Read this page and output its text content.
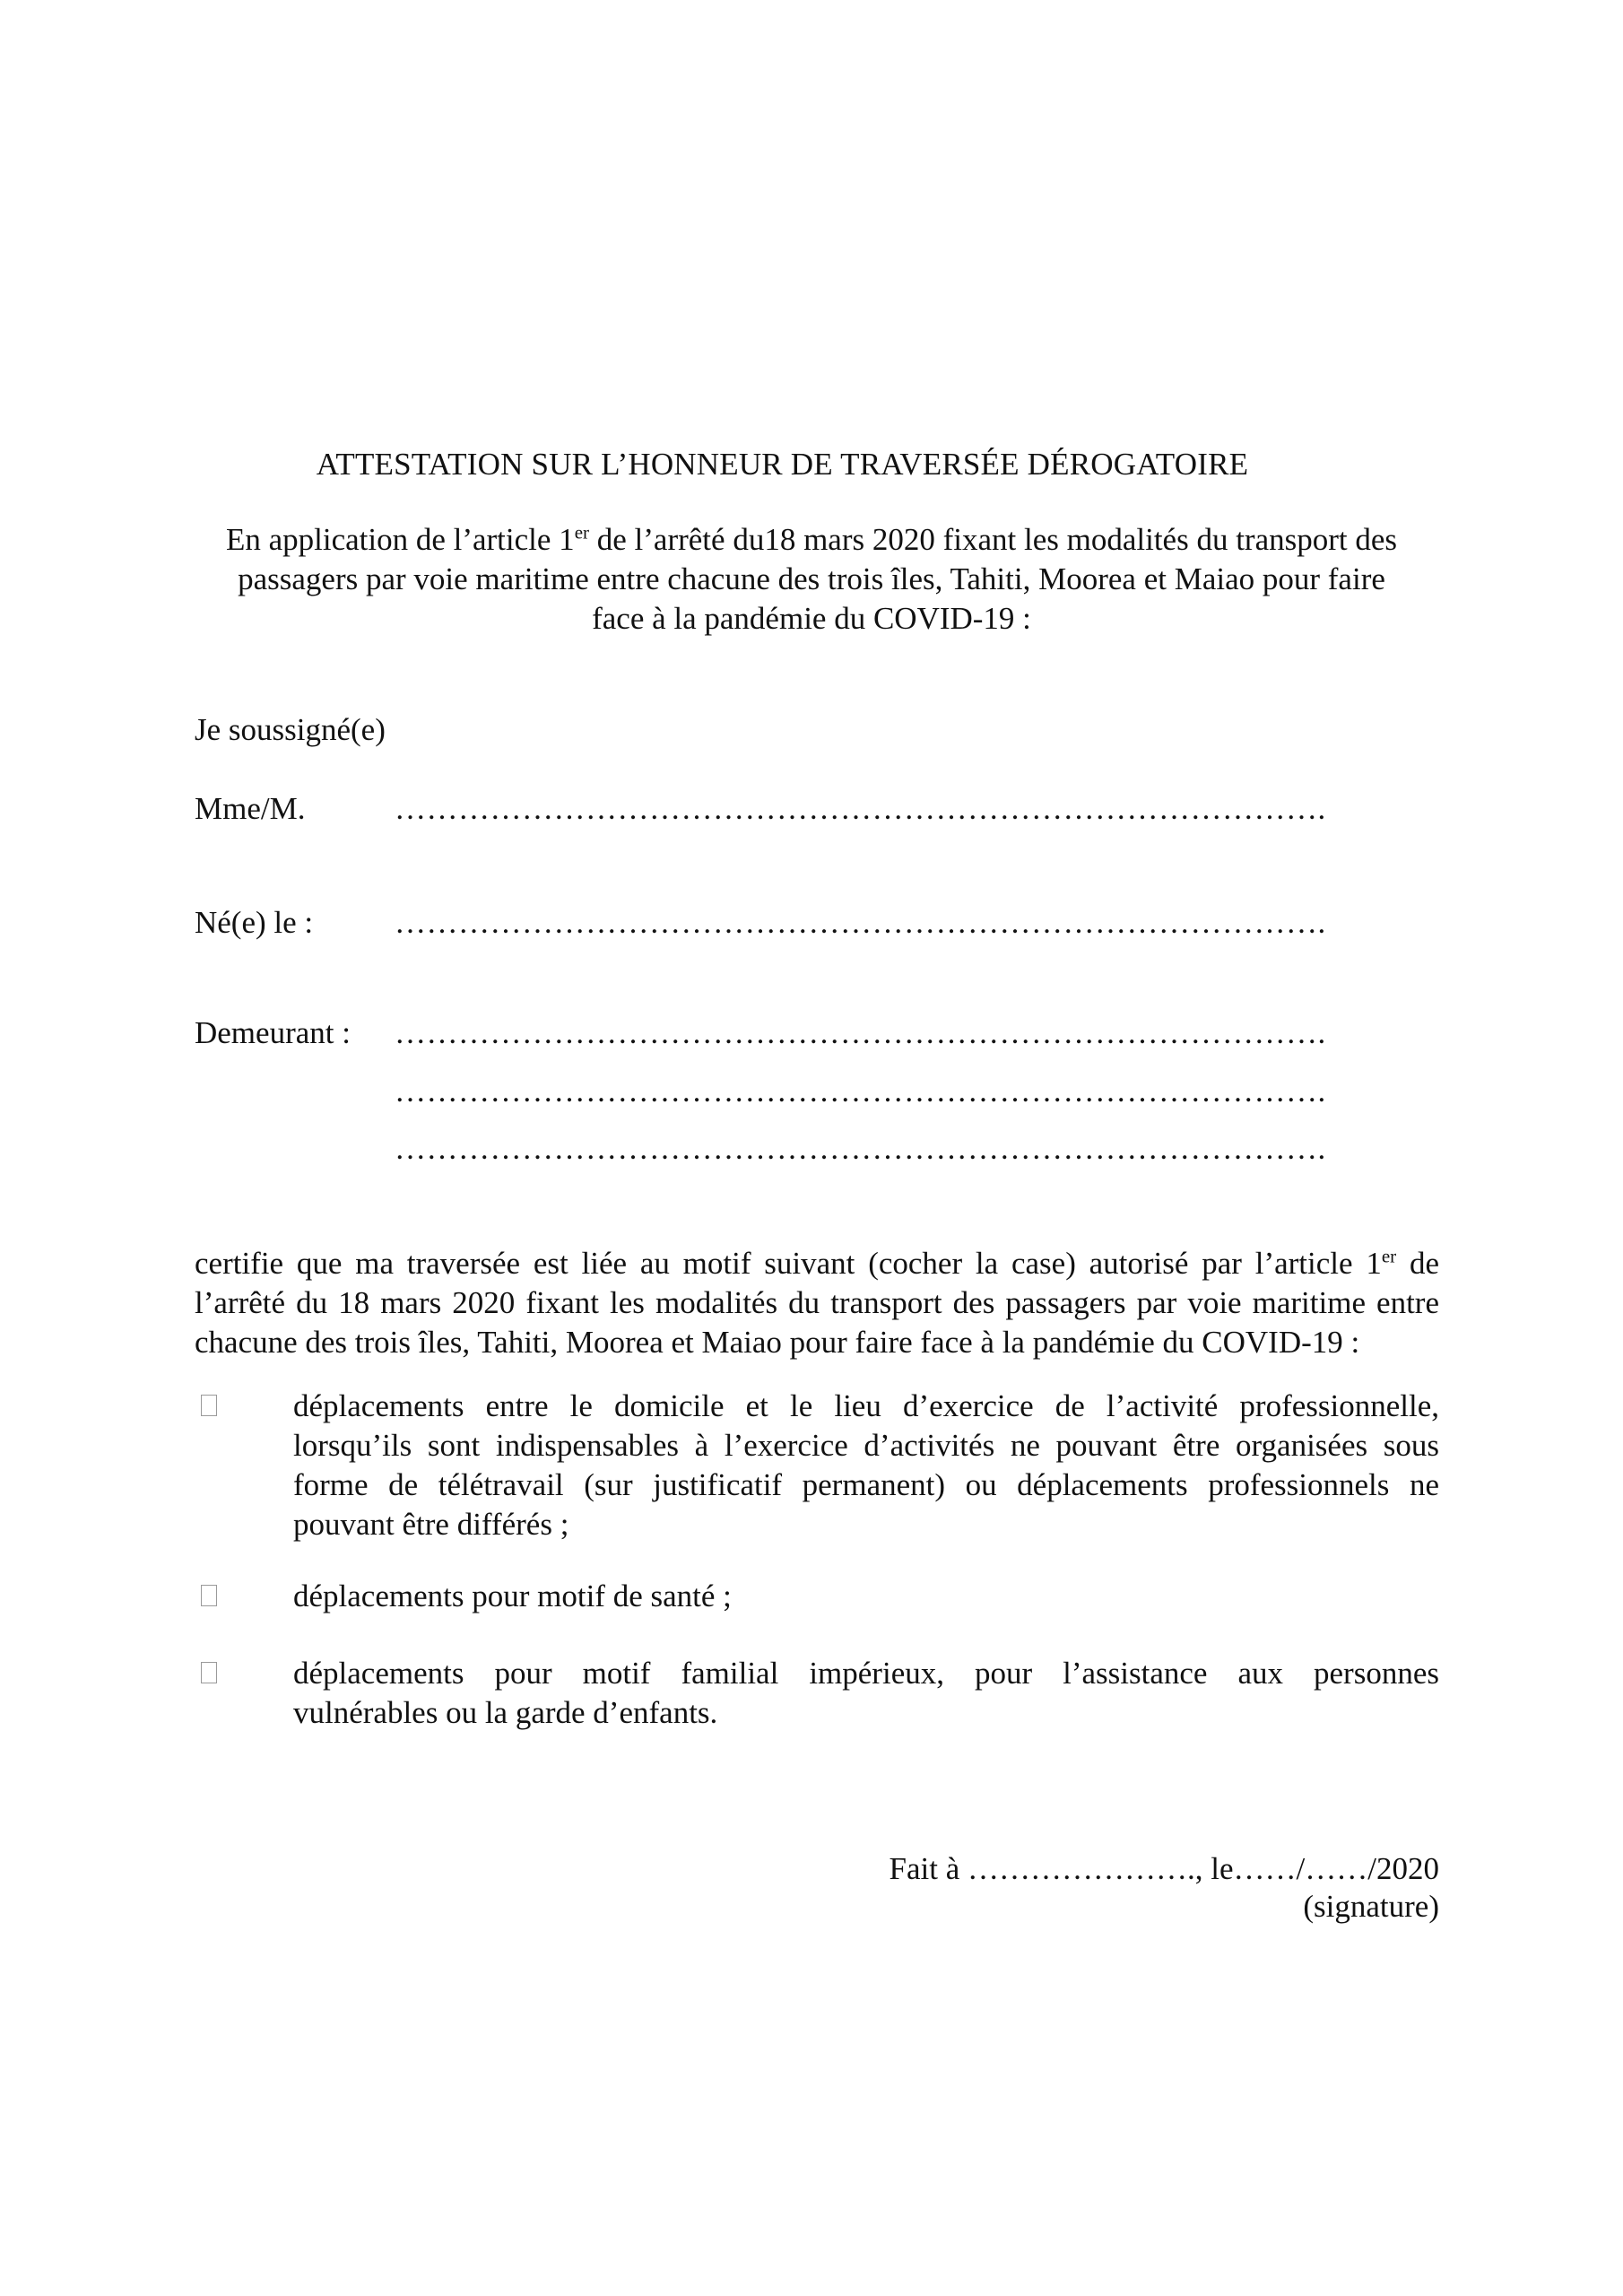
ATTESTATION SUR L’HONNEUR DE TRAVERSÉE DÉROGATOIRE
En application de l’article 1er de l’arrêté du18 mars 2020 fixant les modalités du transport des
passagers par voie maritime entre chacune des trois îles, Tahiti, Moorea et Maiao pour faire
face à la pandémie du COVID-19 :
Je soussigné(e)
Mme/M.	…………………………………………………………………………….
Né(e) le :	…………………………………………………………………………….
Demeurant : …………………………………………………………………………….
…………………………………………………………………………….
…………………………………………………………………………….
certifie que ma traversée est liée au motif suivant (cocher la case) autorisé par l’article 1er de
l’arrêté du 18 mars 2020 fixant les modalités du transport des passagers par voie maritime entre
chacune des trois îles, Tahiti, Moorea et Maiao pour faire face à la pandémie du COVID-19 :
déplacements entre le domicile et le lieu d’exercice de l’activité professionnelle,
lorsqu’ils sont indispensables à l’exercice d’activités ne pouvant être organisées sous
forme de télétravail (sur justificatif permanent) ou déplacements professionnels ne
pouvant être différés ;
déplacements pour motif de santé ;
déplacements pour motif familial impérieux, pour l’assistance aux personnes
vulnérables ou la garde d’enfants.
Fait à …………………., le……/……/2020
(signature)
